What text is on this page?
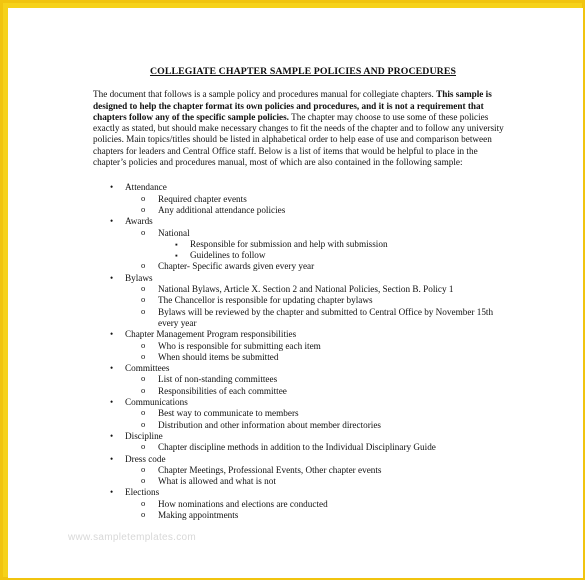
COLLEGIATE CHAPTER SAMPLE POLICIES AND PROCEDURES

The document that follows is a sample policy and procedures manual for collegiate chapters. This sample is designed to help the chapter format its own policies and procedures, and it is not a requirement that chapters follow any of the specific sample policies. The chapter may choose to use some of these policies exactly as stated, but should make necessary changes to fit the needs of the chapter and to follow any university policies. Main topics/titles should be listed in alphabetical order to help ease of use and comparison between chapters for leaders and Central Office staff. Below is a list of items that would be helpful to place in the chapter’s policies and procedures manual, most of which are also contained in the following sample:

• Attendance
o Required chapter events
o Any additional attendance policies
• Awards
o National
▪ Responsible for submission and help with submission
▪ Guidelines to follow
o Chapter- Specific awards given every year
• Bylaws
o National Bylaws, Article X. Section 2 and National Policies, Section B. Policy 1
o The Chancellor is responsible for updating chapter bylaws
o Bylaws will be reviewed by the chapter and submitted to Central Office by November 15th every year
• Chapter Management Program responsibilities
o Who is responsible for submitting each item
o When should items be submitted
• Committees
o List of non-standing committees
o Responsibilities of each committee
• Communications
o Best way to communicate to members
o Distribution and other information about member directories
• Discipline
o Chapter discipline methods in addition to the Individual Disciplinary Guide
• Dress code
o Chapter Meetings, Professional Events, Other chapter events
o What is allowed and what is not
• Elections
o How nominations and elections are conducted
o Making appointments
www.sampletemplates.com
